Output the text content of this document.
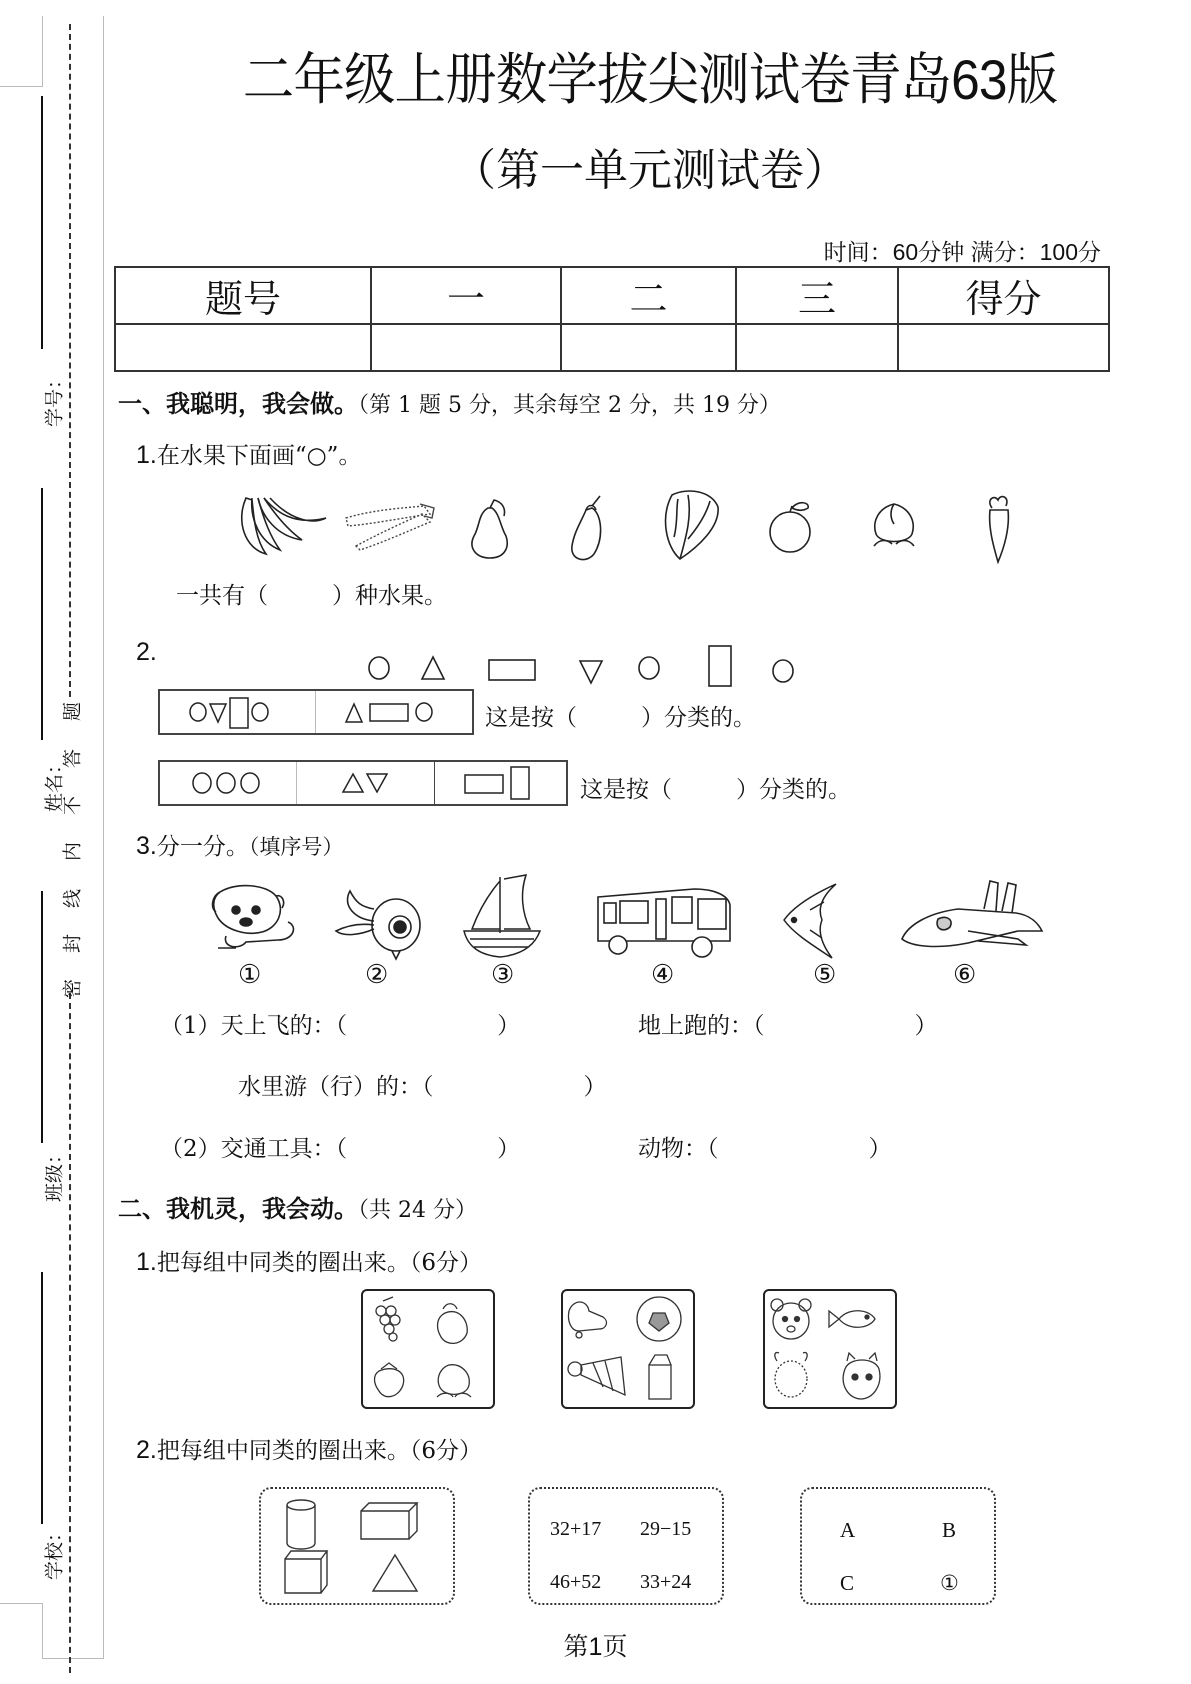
学号：
姓名：
班级：
学校：
题
答
不
内
线
封
密
二年级上册数学拔尖测试卷青岛63版
（第一单元测试卷）
时间：60分钟 满分：100分
题号	一	二	三	得分

一、我聪明，我会做。（第 1 题 5 分，其余每空 2 分，共 19 分）
1.在水果下面画“○”。
一共有（	）种水果。
2.
这是按（	）分类的。
这是按（	）分类的。
3.分一分。（填序号）
①	②	③	④	⑤	⑥
（1）天上飞的：（	）	地上跑的：（	）
水里游（行）的：（	）
（2）交通工具：（	）	动物：（	）
二、我机灵，我会动。（共 24 分）
1.把每组中同类的圈出来。（6分）
2.把每组中同类的圈出来。（6分）
32+17 29−15
46+52 33+24
A	B
C	①
第1页
